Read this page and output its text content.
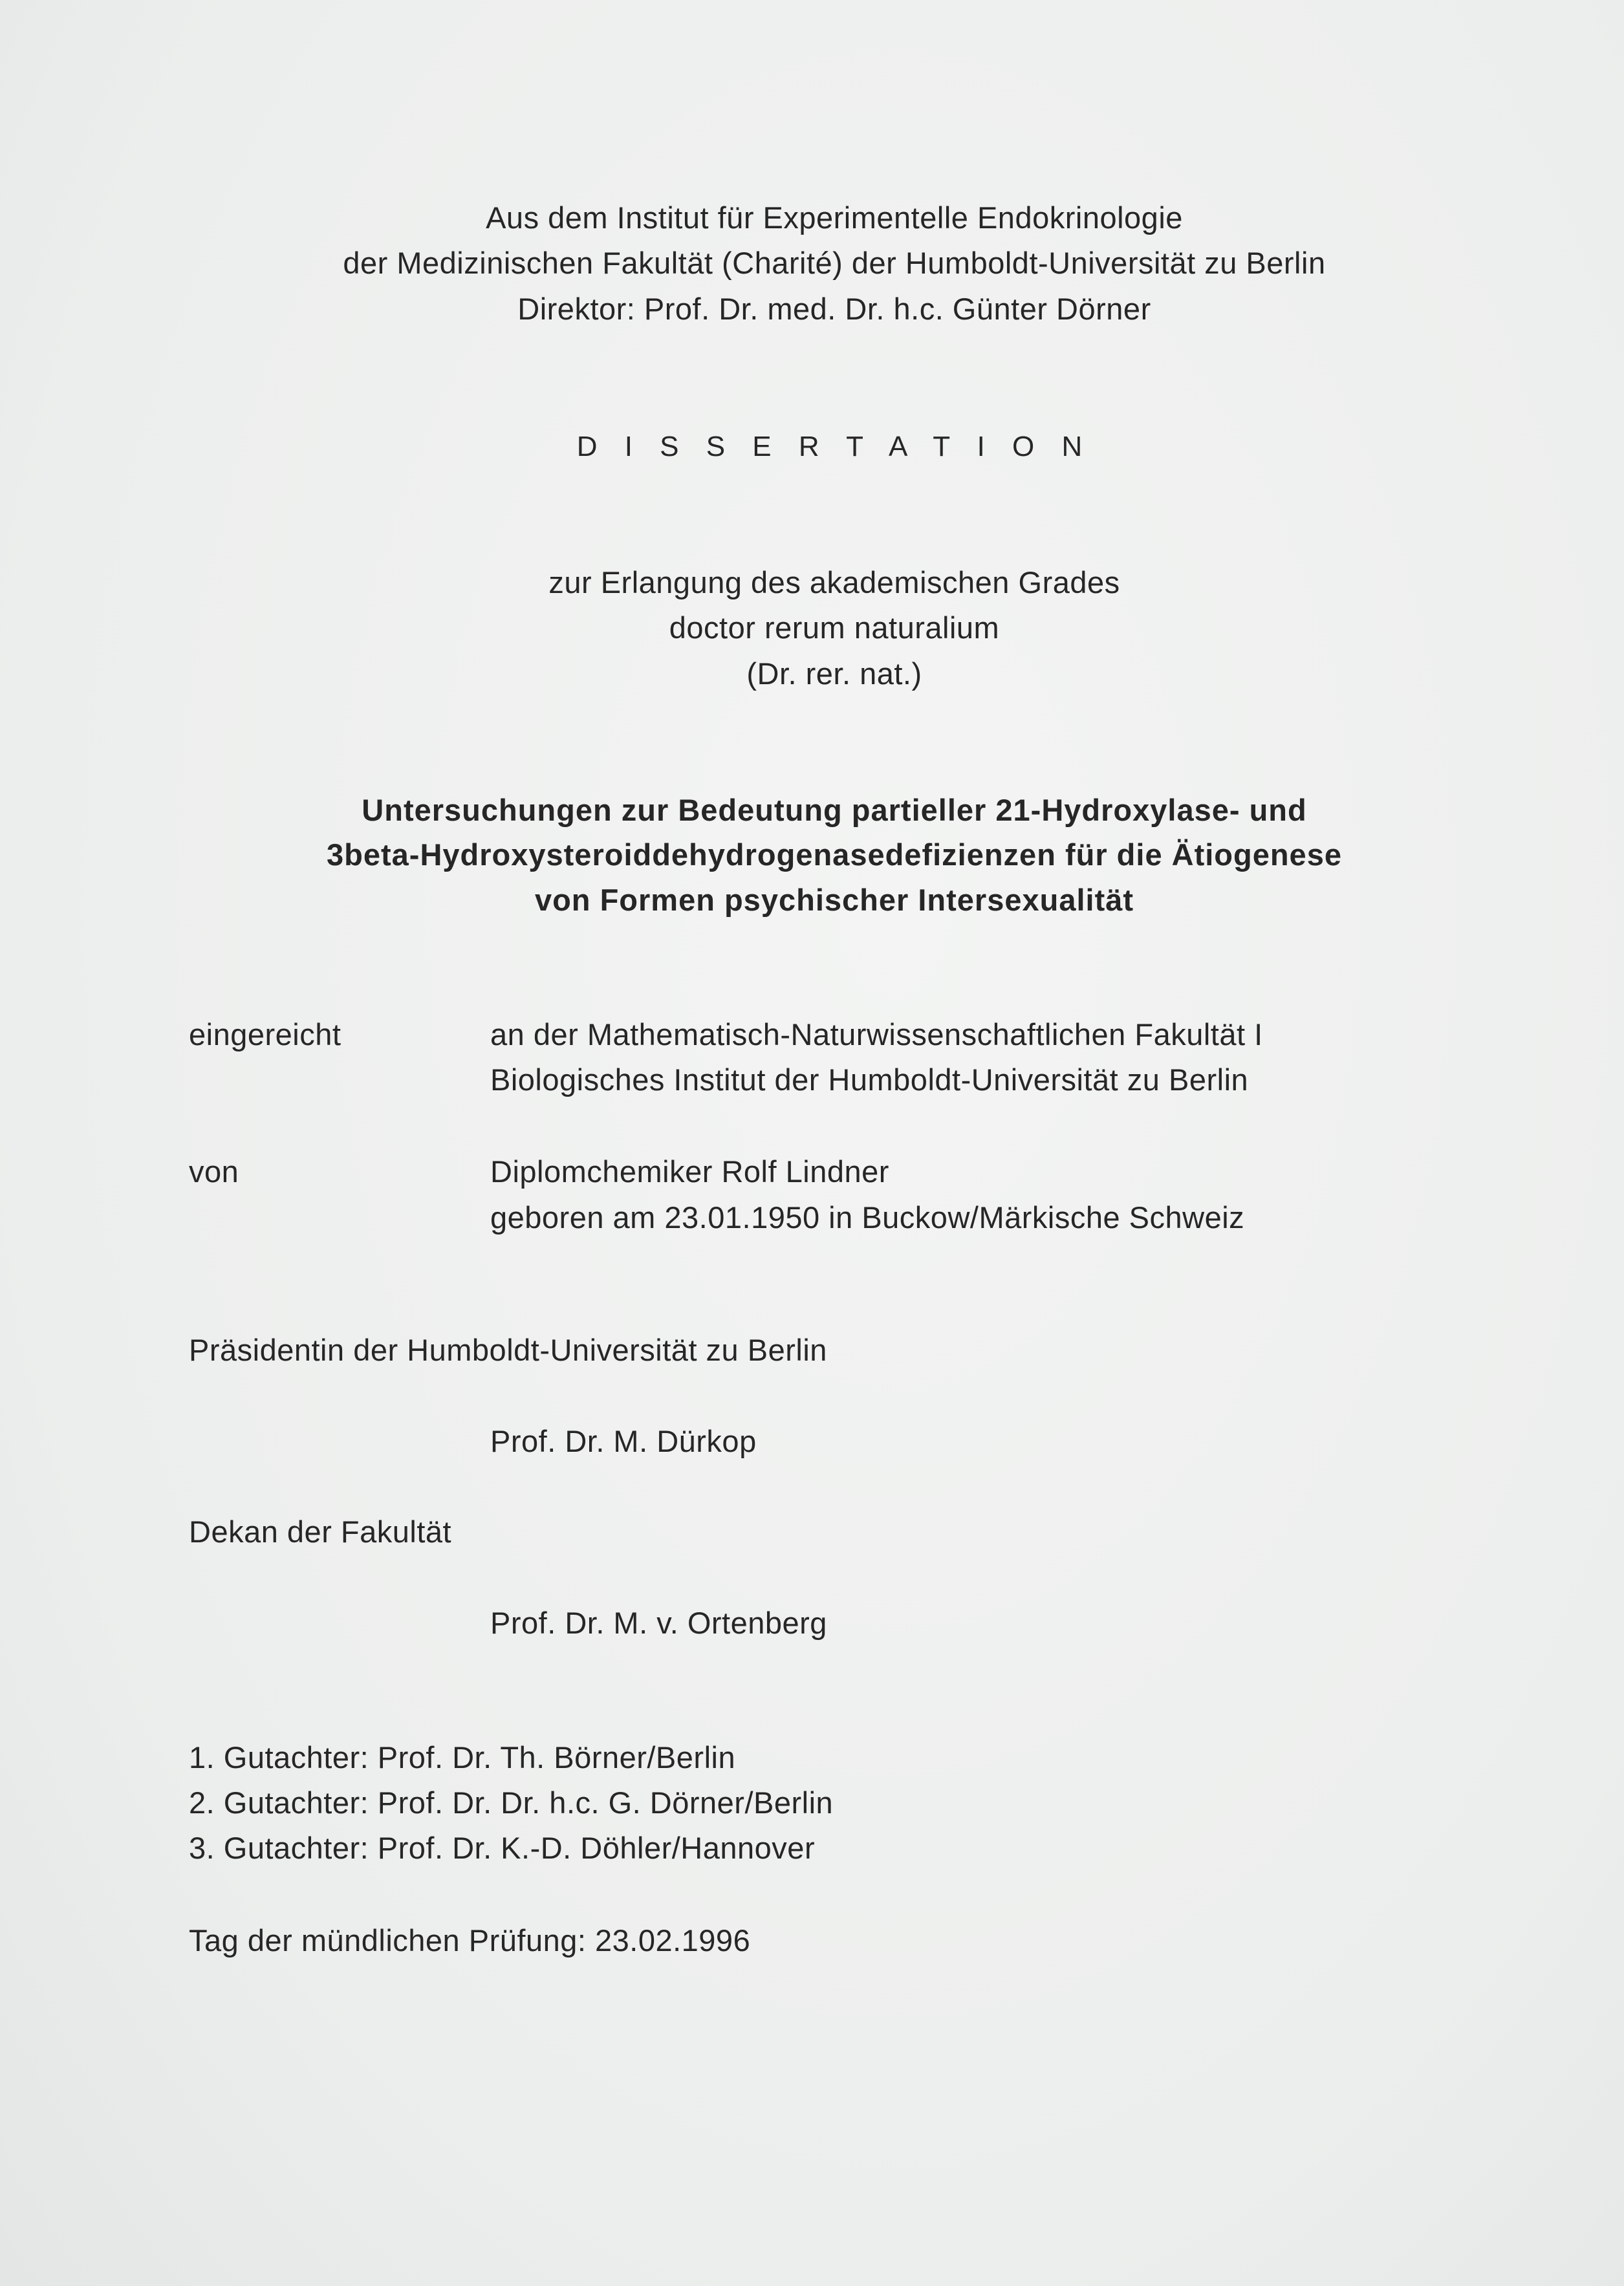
Aus dem Institut für Experimentelle Endokrinologie
der Medizinischen Fakultät (Charité) der Humboldt-Universität zu Berlin
Direktor: Prof. Dr. med. Dr. h.c. Günter Dörner
D I S S E R T A T I O N
zur Erlangung des akademischen Grades
doctor rerum naturalium
(Dr. rer. nat.)
Untersuchungen zur Bedeutung partieller 21-Hydroxylase- und
3beta-Hydroxysteroiddehydrogenasedefizienzen für die Ätiogenese
von Formen psychischer Intersexualität
eingereicht	an der Mathematisch-Naturwissenschaftlichen Fakultät I
Biologisches Institut der Humboldt-Universität zu Berlin
von	Diplomchemiker Rolf Lindner
geboren am 23.01.1950 in Buckow/Märkische Schweiz
Präsidentin der Humboldt-Universität zu Berlin
Prof. Dr. M. Dürkop
Dekan der Fakultät
Prof. Dr. M. v. Ortenberg
1. Gutachter: Prof. Dr. Th. Börner/Berlin
2. Gutachter: Prof. Dr. Dr. h.c. G. Dörner/Berlin
3. Gutachter: Prof. Dr. K.-D. Döhler/Hannover
Tag der mündlichen Prüfung: 23.02.1996
